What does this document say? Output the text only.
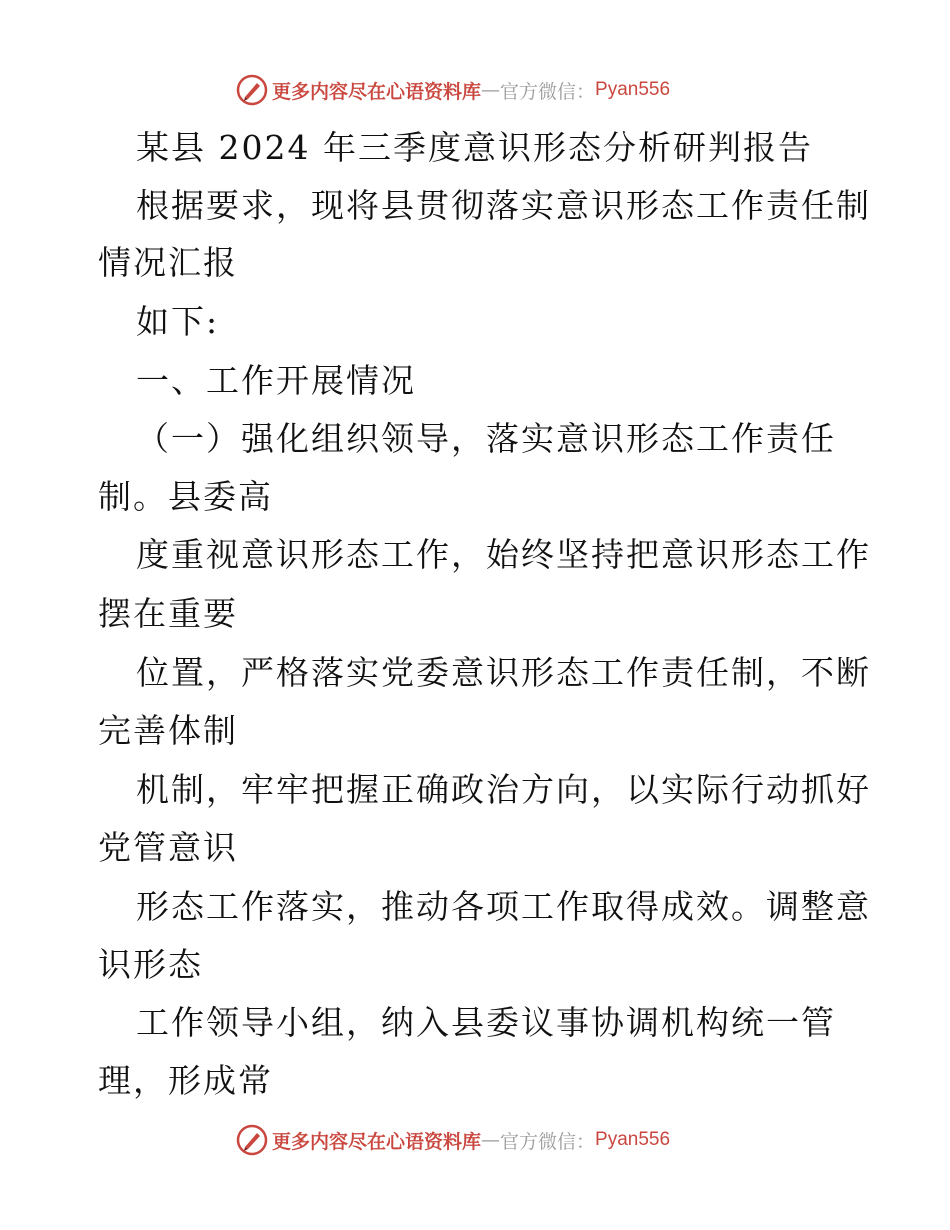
更多内容尽在心语资料库 — 官方微信： Pyan556
某县 2024 年三季度意识形态分析研判报告
根据要求，现将县贯彻落实意识形态工作责任制
情况汇报
如下:
一、工作开展情况
（一）强化组织领导，落实意识形态工作责任
制。县委高
度重视意识形态工作，始终坚持把意识形态工作
摆在重要
位置，严格落实党委意识形态工作责任制，不断
完善体制
机制，牢牢把握正确政治方向，以实际行动抓好
党管意识
形态工作落实，推动各项工作取得成效。调整意
识形态
工作领导小组，纳入县委议事协调机构统一管
理，形成常
更多内容尽在心语资料库 — 官方微信： Pyan556
